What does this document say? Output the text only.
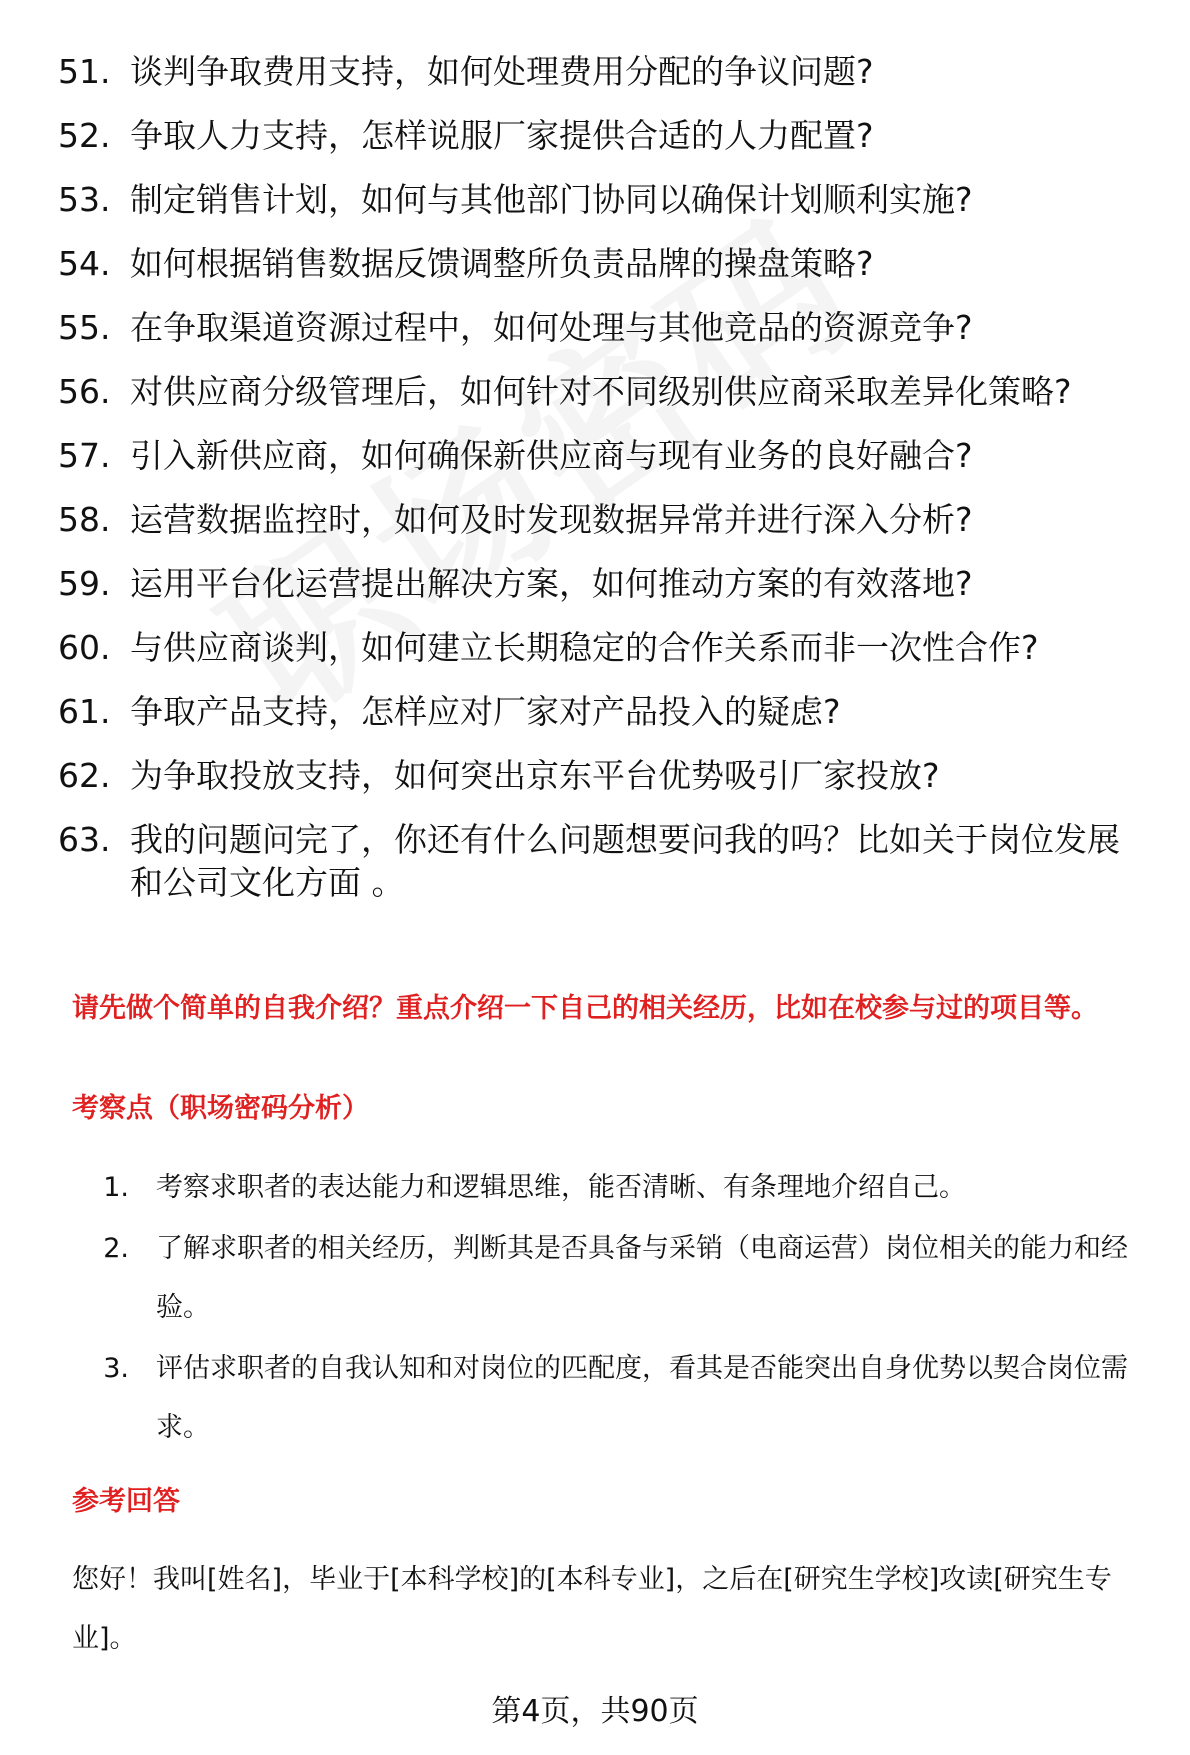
51. 谈判争取费用支持，如何处理费用分配的争议问题?
52. 争取人力支持，怎样说服厂家提供合适的人力配置?
53. 制定销售计划，如何与其他部门协同以确保计划顺利实施?
54. 如何根据销售数据反馈调整所负责品牌的操盘策略?
55. 在争取渠道资源过程中，如何处理与其他竞品的资源竞争?
56. 对供应商分级管理后，如何针对不同级别供应商采取差异化策略?
57. 引入新供应商，如何确保新供应商与现有业务的良好融合?
58. 运营数据监控时，如何及时发现数据异常并进行深入分析?
59. 运用平台化运营提出解决方案，如何推动方案的有效落地?
60. 与供应商谈判，如何建立长期稳定的合作关系而非一次性合作?
61. 争取产品支持，怎样应对厂家对产品投入的疑虑?
62. 为争取投放支持，如何突出京东平台优势吸引厂家投放?
63. 我的问题问完了，你还有什么问题想要问我的吗？比如关于岗位发展和公司文化方面 。
请先做个简单的自我介绍？重点介绍一下自己的相关经历，比如在校参与过的项目等。
考察点（职场密码分析）
1.	考察求职者的表达能力和逻辑思维，能否清晰、有条理地介绍自己。
2.	了解求职者的相关经历，判断其是否具备与采销（电商运营）岗位相关的能力和经验。
3.	评估求职者的自我认知和对岗位的匹配度，看其是否能突出自身优势以契合岗位需求。
参考回答

您好！我叫[姓名]，毕业于[本科学校]的[本科专业]，之后在[研究生学校]攻读[研究生专业]。

第4页，共90页
